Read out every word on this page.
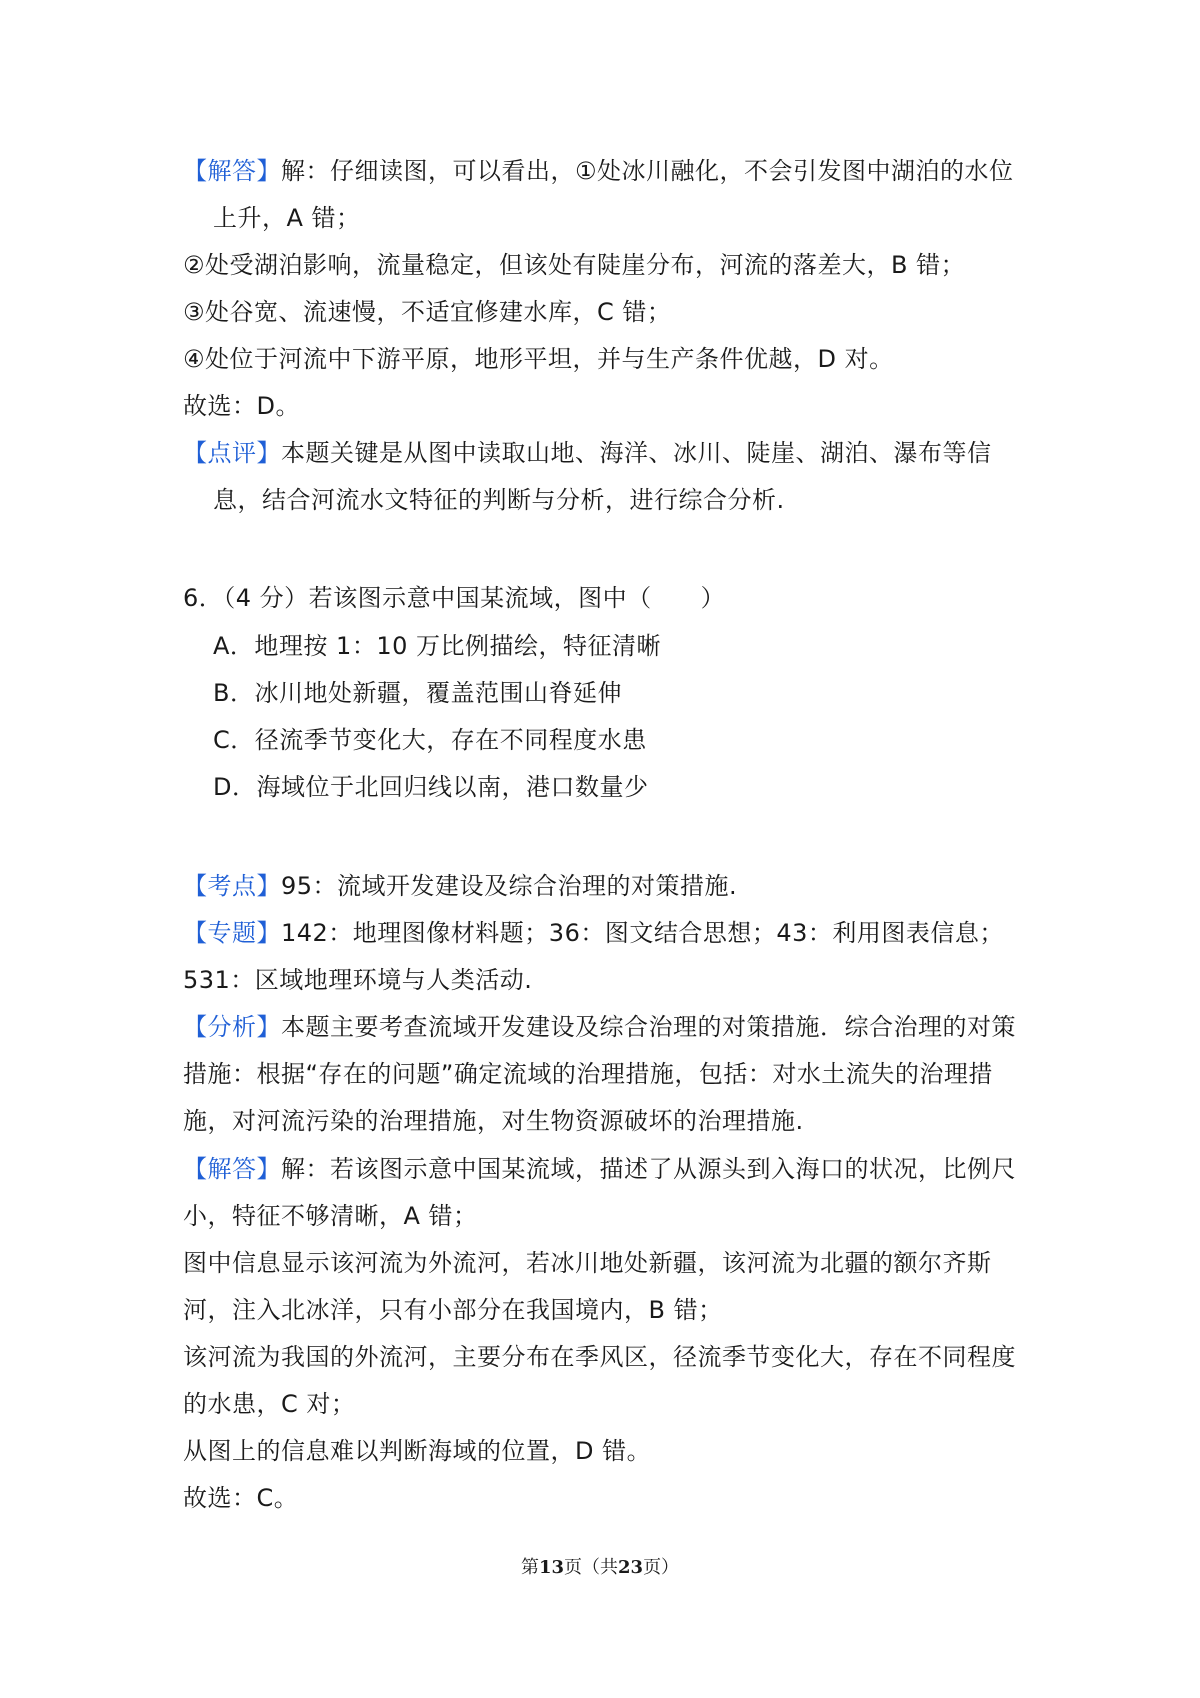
【解答】解：仔细读图，可以看出，①处冰川融化，不会引发图中湖泊的水位
上升，A 错；
②处受湖泊影响，流量稳定，但该处有陡崖分布，河流的落差大，B 错；
③处谷宽、流速慢，不适宜修建水库，C 错；
④处位于河流中下游平原，地形平坦，并与生产条件优越，D 对。
故选：D。
【点评】本题关键是从图中读取山地、海洋、冰川、陡崖、湖泊、瀑布等信
息，结合河流水文特征的判断与分析，进行综合分析.
6．（4 分）若该图示意中国某流域，图中（　　）
A．地理按 1：10 万比例描绘，特征清晰
B．冰川地处新疆，覆盖范围山脊延伸
C．径流季节变化大，存在不同程度水患
D．海域位于北回归线以南，港口数量少
【考点】95：流域开发建设及综合治理的对策措施.
【专题】142：地理图像材料题；36：图文结合思想；43：利用图表信息；
531：区域地理环境与人类活动.
【分析】本题主要考查流域开发建设及综合治理的对策措施．综合治理的对策
措施：根据“存在的问题”确定流域的治理措施，包括：对水土流失的治理措
施，对河流污染的治理措施，对生物资源破坏的治理措施.
【解答】解：若该图示意中国某流域，描述了从源头到入海口的状况，比例尺
小，特征不够清晰，A 错；
图中信息显示该河流为外流河，若冰川地处新疆，该河流为北疆的额尔齐斯
河，注入北冰洋，只有小部分在我国境内，B 错；
该河流为我国的外流河，主要分布在季风区，径流季节变化大，存在不同程度
的水患，C 对；
从图上的信息难以判断海域的位置，D 错。
故选：C。
第13页（共23页）
